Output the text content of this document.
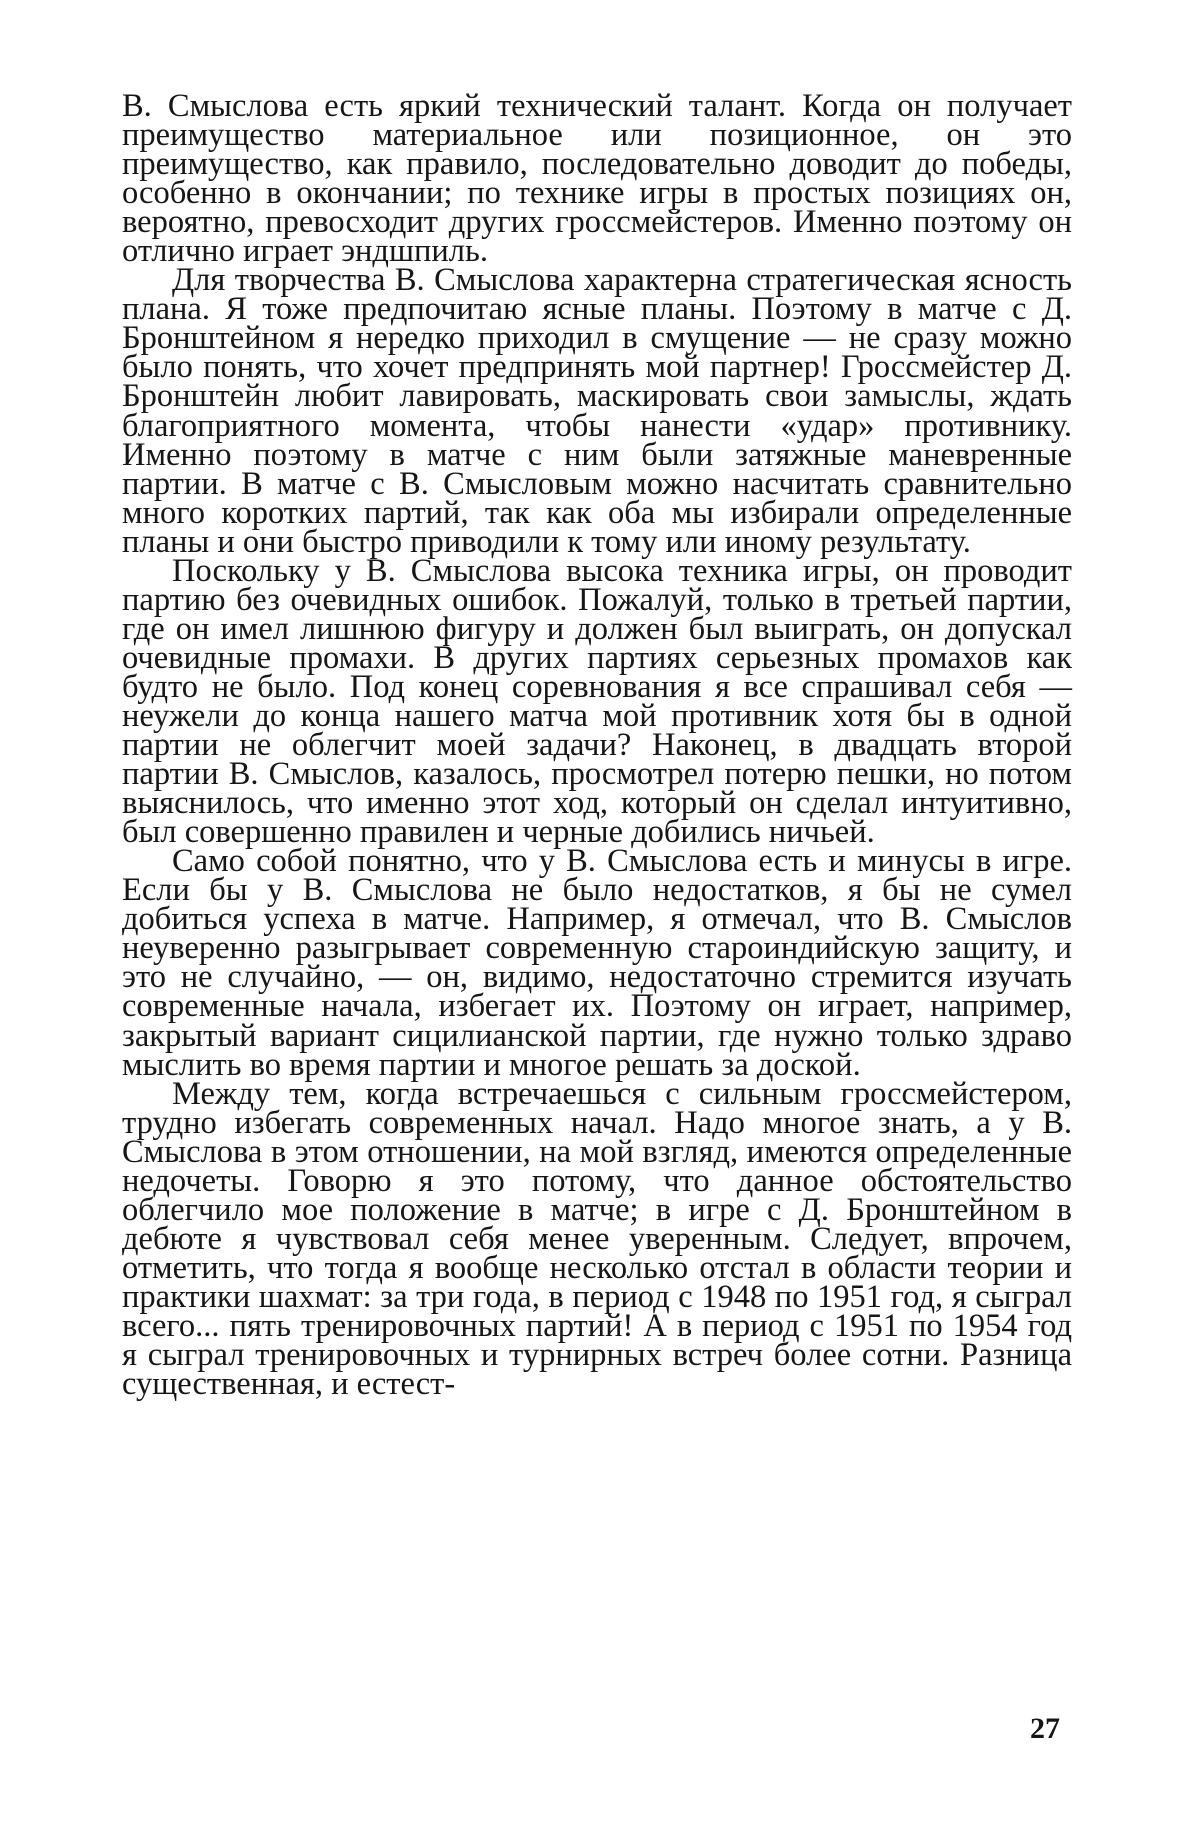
В. Смыслова есть яркий технический талант. Когда он получает преимущество материальное или позиционное, он это преимущество, как правило, последовательно доводит до победы, особенно в окончании; по технике игры в простых позициях он, вероятно, превосходит других гроссмейстеров. Именно поэтому он отлично играет эндшпиль.

Для творчества В. Смыслова характерна стратегическая ясность плана. Я тоже предпочитаю ясные планы. Поэтому в матче с Д. Бронштейном я нередко приходил в смущение — не сразу можно было понять, что хочет предпринять мой партнер! Гроссмейстер Д. Бронштейн любит лавировать, маскировать свои замыслы, ждать благоприятного момента, чтобы нанести «удар» противнику. Именно поэтому в матче с ним были затяжные маневренные партии. В матче с В. Смысловым можно насчитать сравнительно много коротких партий, так как оба мы избирали определенные планы и они быстро приводили к тому или иному результату.

Поскольку у В. Смыслова высока техника игры, он проводит партию без очевидных ошибок. Пожалуй, только в третьей партии, где он имел лишнюю фигуру и должен был выиграть, он допускал очевидные промахи. В других партиях серьезных промахов как будто не было. Под конец соревнования я все спрашивал себя — неужели до конца нашего матча мой противник хотя бы в одной партии не облегчит моей задачи? Наконец, в двадцать второй партии В. Смыслов, казалось, просмотрел потерю пешки, но потом выяснилось, что именно этот ход, который он сделал интуитивно, был совершенно правилен и черные добились ничьей.

Само собой понятно, что у В. Смыслова есть и минусы в игре. Если бы у В. Смыслова не было недостатков, я бы не сумел добиться успеха в матче. Например, я отмечал, что В. Смыслов неуверенно разыгрывает современную староиндийскую защиту, и это не случайно, — он, видимо, недостаточно стремится изучать современные начала, избегает их. Поэтому он играет, например, закрытый вариант сицилианской партии, где нужно только здраво мыслить во время партии и многое решать за доской.

Между тем, когда встречаешься с сильным гроссмейстером, трудно избегать современных начал. Надо многое знать, а у В. Смыслова в этом отношении, на мой взгляд, имеются определенные недочеты. Говорю я это потому, что данное обстоятельство облегчило мое положение в матче; в игре с Д. Бронштейном в дебюте я чувствовал себя менее уверенным. Следует, впрочем, отметить, что тогда я вообще несколько отстал в области теории и практики шахмат: за три года, в период с 1948 по 1951 год, я сыграл всего... пять тренировочных партий! А в период с 1951 по 1954 год я сыграл тренировочных и турнирных встреч более сотни. Разница существенная, и естест-

27
